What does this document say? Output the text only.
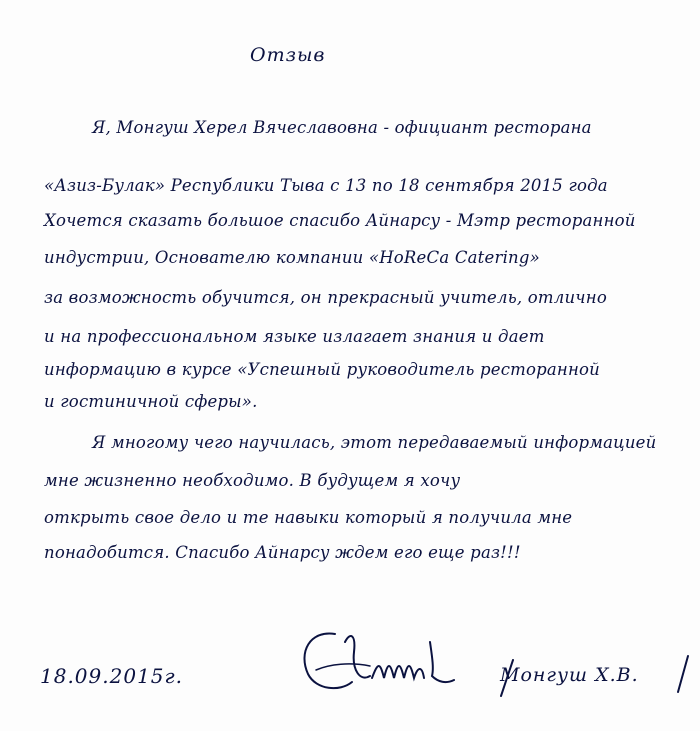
Отзыв
Я, Монгуш Херел Вячеславовна - официант ресторана
«Азиз-Булак» Республики Тыва с 13 по 18 сентября 2015 года
Хочется сказать большое спасибо Айнарсу - Мэтр ресторанной
индустрии, Основателю компании «HoReCa Catering»
за возможность обучится, он прекрасный учитель, отлично
и на профессиональном языке излагает знания и дает
информацию в курсе «Успешный руководитель ресторанной
и гостиничной сферы».
Я многому чего научилась, этот передаваемый информацией
мне жизненно необходимо. В будущем я хочу
открыть свое дело и те навыки который я получила мне
понадобится. Спасибо Айнарсу ждем его еще раз!!!
18.09.2015г.	Монгуш Х.В.
